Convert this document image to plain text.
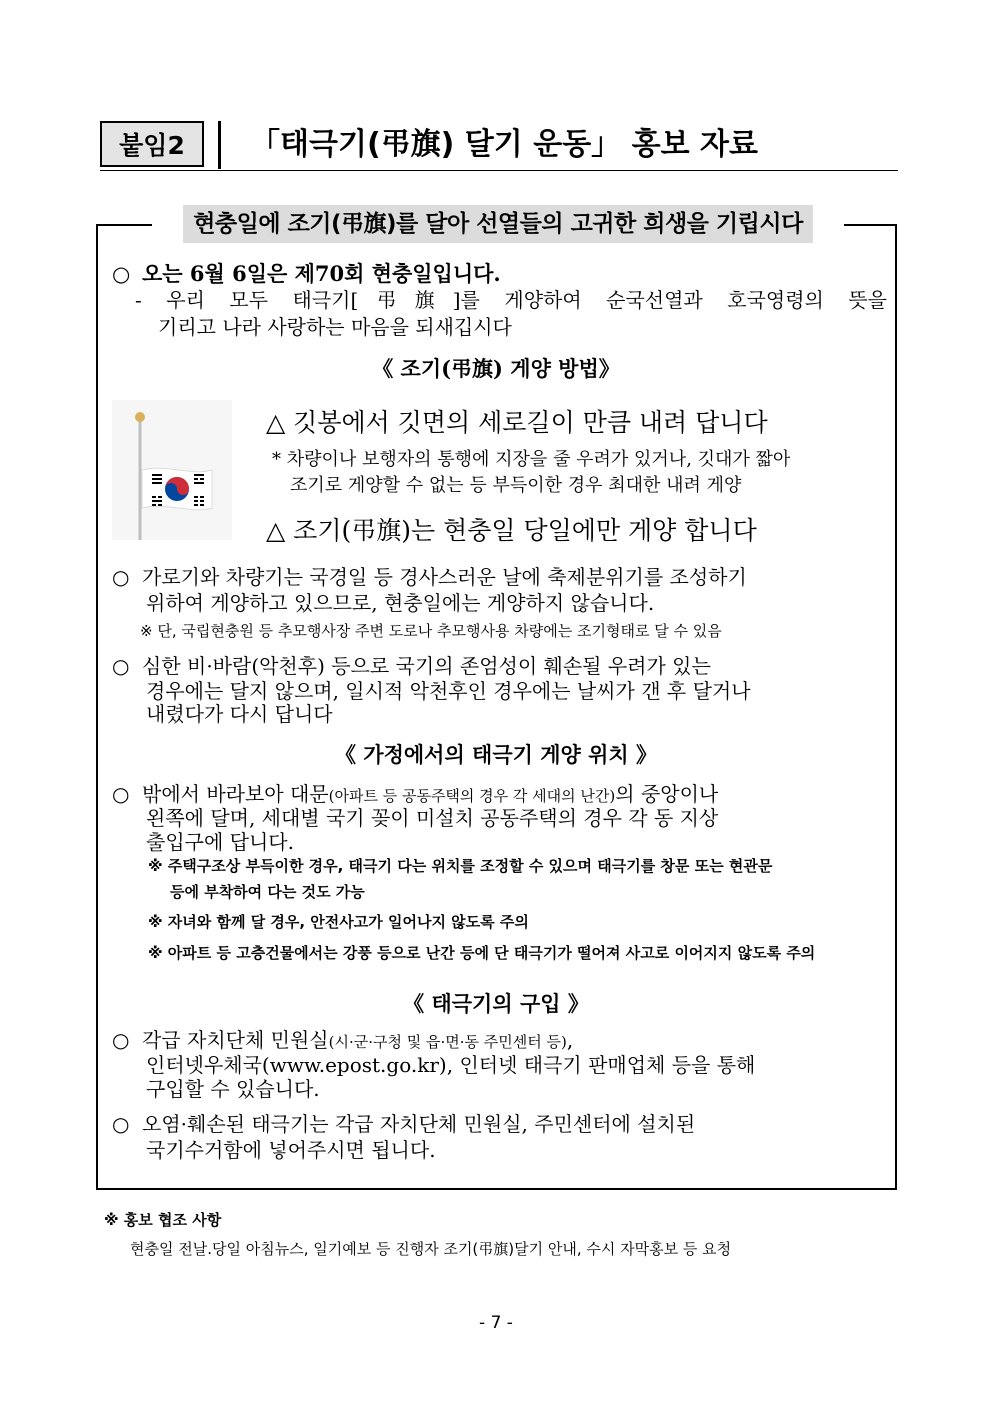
붙임2	「태극기(弔旗) 달기 운동」 홍보 자료
현충일에 조기(弔旗)를 달아 선열들의 고귀한 희생을 기립시다
○ 오는 6월 6일은 제70회 현충일입니다.
- 우리 모두 태극기[弔旗]를 게양하여 순국선열과 호국영령의 뜻을
기리고 나라 사랑하는 마음을 되새깁시다
《 조기(弔旗) 게양 방법》
△ 깃봉에서 깃면의 세로길이 만큼 내려 답니다
* 차량이나 보행자의 통행에 지장을 줄 우려가 있거나, 깃대가 짧아
조기로 게양할 수 없는 등 부득이한 경우 최대한 내려 게양
△ 조기(弔旗)는 현충일 당일에만 게양 합니다
○ 가로기와 차량기는 국경일 등 경사스러운 날에 축제분위기를 조성하기
위하여 게양하고 있으므로, 현충일에는 게양하지 않습니다.
※ 단, 국립현충원 등 추모행사장 주변 도로나 추모행사용 차량에는 조기형태로 달 수 있음
○ 심한 비·바람(악천후) 등으로 국기의 존엄성이 훼손될 우려가 있는
경우에는 달지 않으며, 일시적 악천후인 경우에는 날씨가 갠 후 달거나
내렸다가 다시 답니다
《 가정에서의 태극기 게양 위치 》
○ 밖에서 바라보아 대문(아파트 등 공동주택의 경우 각 세대의 난간)의 중앙이나
왼쪽에 달며, 세대별 국기 꽂이 미설치 공동주택의 경우 각 동 지상
출입구에 답니다.
※ 주택구조상 부득이한 경우, 태극기 다는 위치를 조정할 수 있으며 태극기를 창문 또는 현관문
등에 부착하여 다는 것도 가능
※ 자녀와 함께 달 경우, 안전사고가 일어나지 않도록 주의
※ 아파트 등 고층건물에서는 강풍 등으로 난간 등에 단 태극기가 떨어져 사고로 이어지지 않도록 주의
《 태극기의 구입 》
○ 각급 자치단체 민원실(시·군·구청 및 읍·면·동 주민센터 등),
인터넷우체국(www.epost.go.kr), 인터넷 태극기 판매업체 등을 통해
구입할 수 있습니다.
○ 오염·훼손된 태극기는 각급 자치단체 민원실, 주민센터에 설치된
국기수거함에 넣어주시면 됩니다.
※ 홍보 협조 사항
현충일 전날.당일 아침뉴스, 일기예보 등 진행자 조기(弔旗)달기 안내, 수시 자막홍보 등 요청
- 7 -
